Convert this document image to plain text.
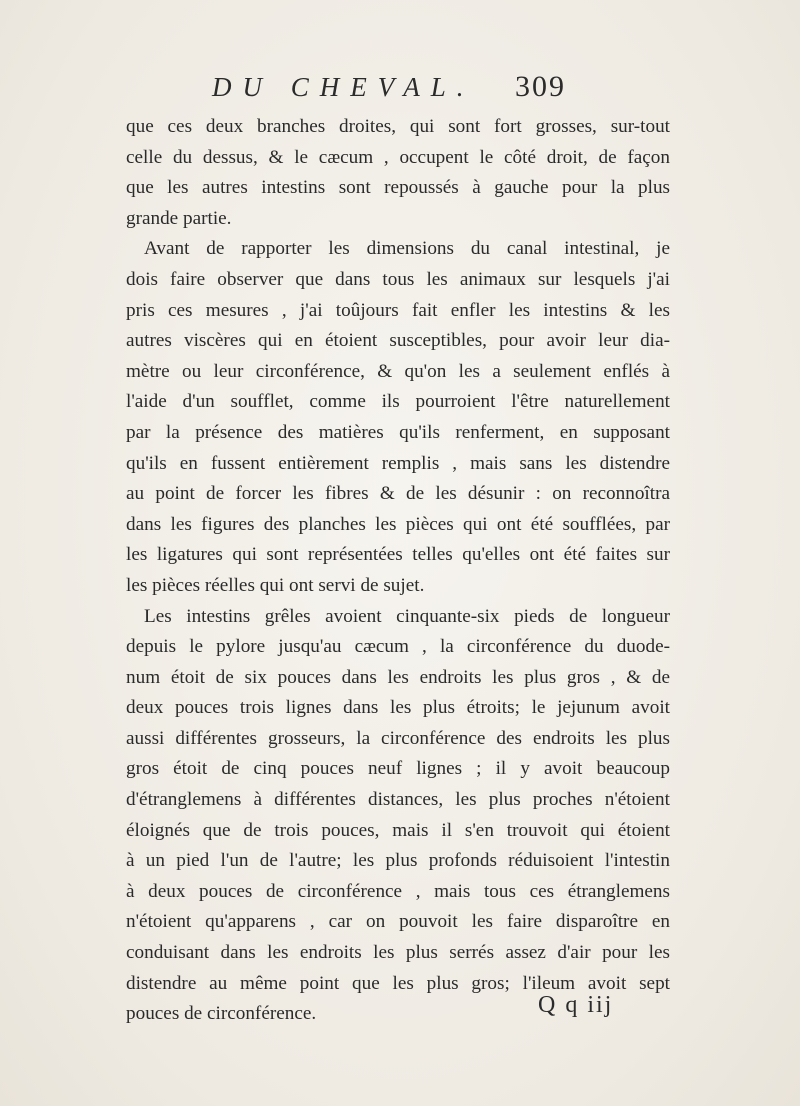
DU CHEVAL. 309
que ces deux branches droites, qui sont fort grosses, sur-tout
celle du dessus, & le cæcum , occupent le côté droit, de façon
que les autres intestins sont repoussés à gauche pour la plus
grande partie.
Avant de rapporter les dimensions du canal intestinal, je
dois faire observer que dans tous les animaux sur lesquels j'ai
pris ces mesures , j'ai toûjours fait enfler les intestins & les
autres viscères qui en étoient susceptibles, pour avoir leur dia-
mètre ou leur circonférence, & qu'on les a seulement enflés à
l'aide d'un soufflet, comme ils pourroient l'être naturellement
par la présence des matières qu'ils renferment, en supposant
qu'ils en fussent entièrement remplis , mais sans les distendre
au point de forcer les fibres & de les désunir : on reconnoîtra
dans les figures des planches les pièces qui ont été soufflées, par
les ligatures qui sont représentées telles qu'elles ont été faites sur
les pièces réelles qui ont servi de sujet.
Les intestins grêles avoient cinquante-six pieds de longueur
depuis le pylore jusqu'au cæcum , la circonférence du duode-
num étoit de six pouces dans les endroits les plus gros , & de
deux pouces trois lignes dans les plus étroits; le jejunum avoit
aussi différentes grosseurs, la circonférence des endroits les plus
gros étoit de cinq pouces neuf lignes ; il y avoit beaucoup
d'étranglemens à différentes distances, les plus proches n'étoient
éloignés que de trois pouces, mais il s'en trouvoit qui étoient
à un pied l'un de l'autre; les plus profonds réduisoient l'intestin
à deux pouces de circonférence , mais tous ces étranglemens
n'étoient qu'apparens , car on pouvoit les faire disparoître en
conduisant dans les endroits les plus serrés assez d'air pour les
distendre au même point que les plus gros; l'ileum avoit sept
pouces de circonférence.	Q q iij
